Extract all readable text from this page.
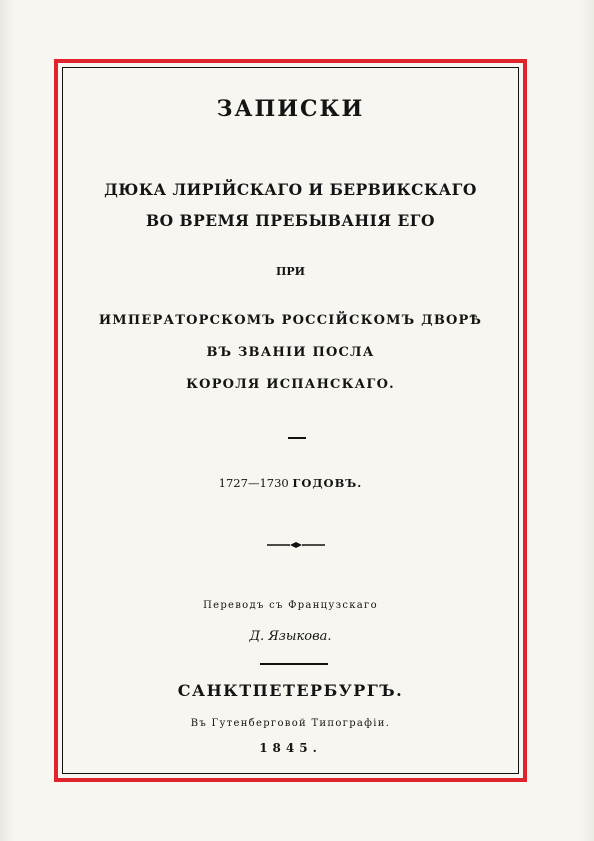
ЗАПИСКИ
ДЮКА ЛИРІЙСКАГО И БЕРВИКСКАГО
ВО ВРЕМЯ ПРЕБЫВАНІЯ ЕГО
ПРИ
ИМПЕРАТОРСКОМЪ РОССІЙСКОМЪ ДВОРѢ
ВЪ ЗВАНІИ ПОСЛА
КОРОЛЯ ИСПАНСКАГО.
1727—1730 ГОДОВЪ.
Переводъ съ Французскаго
Д. Языкова.
САНКТПЕТЕРБУРГЪ.
Въ Гутенберговой Типографіи.
1845.
